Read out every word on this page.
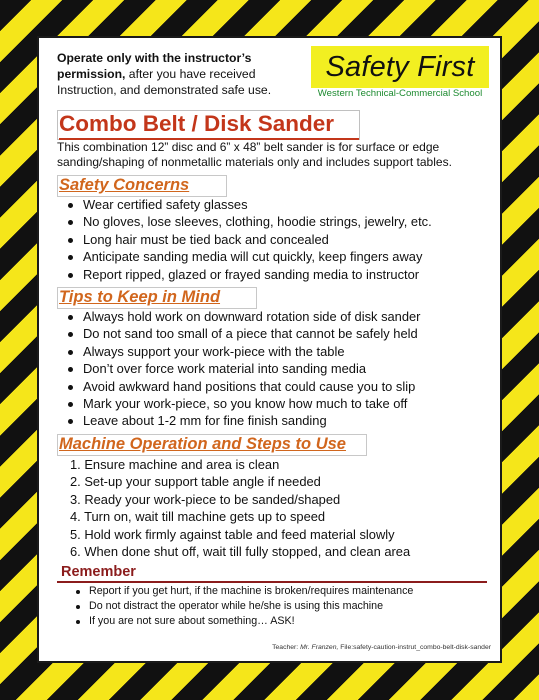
Operate only with the instructor’s permission, after you have received Instruction, and demonstrated safe use.
Safety First
Western Technical-Commercial School
Combo Belt / Disk Sander
This combination 12” disc and 6” x 48” belt sander is for surface or edge sanding/shaping of nonmetallic materials only and includes support tables.
Safety Concerns
Wear certified safety glasses
No gloves, lose sleeves, clothing, hoodie strings, jewelry, etc.
Long hair must be tied back and concealed
Anticipate sanding media will cut quickly, keep fingers away
Report ripped, glazed or frayed sanding media to instructor
Tips to Keep in Mind
Always hold work on downward rotation side of disk sander
Do not sand too small of a piece that cannot be safely held
Always support your work-piece with the table
Don’t over force work material into sanding media
Avoid awkward hand positions that could cause you to slip
Mark your work-piece, so you know how much to take off
Leave about 1-2 mm for fine finish sanding
Machine Operation and Steps to Use
1. Ensure machine and area is clean
2. Set-up your support table angle if needed
3. Ready your work-piece to be sanded/shaped
4. Turn on, wait till machine gets up to speed
5. Hold work firmly against table and feed material slowly
6. When done shut off, wait till fully stopped, and clean area
Remember
Report if you get hurt, if the machine is broken/requires maintenance
Do not distract the operator while he/she is using this machine
If you are not sure about something… ASK!
Teacher: Mr. Franzen, File:safety-caution-instrut_combo-belt-disk-sander
